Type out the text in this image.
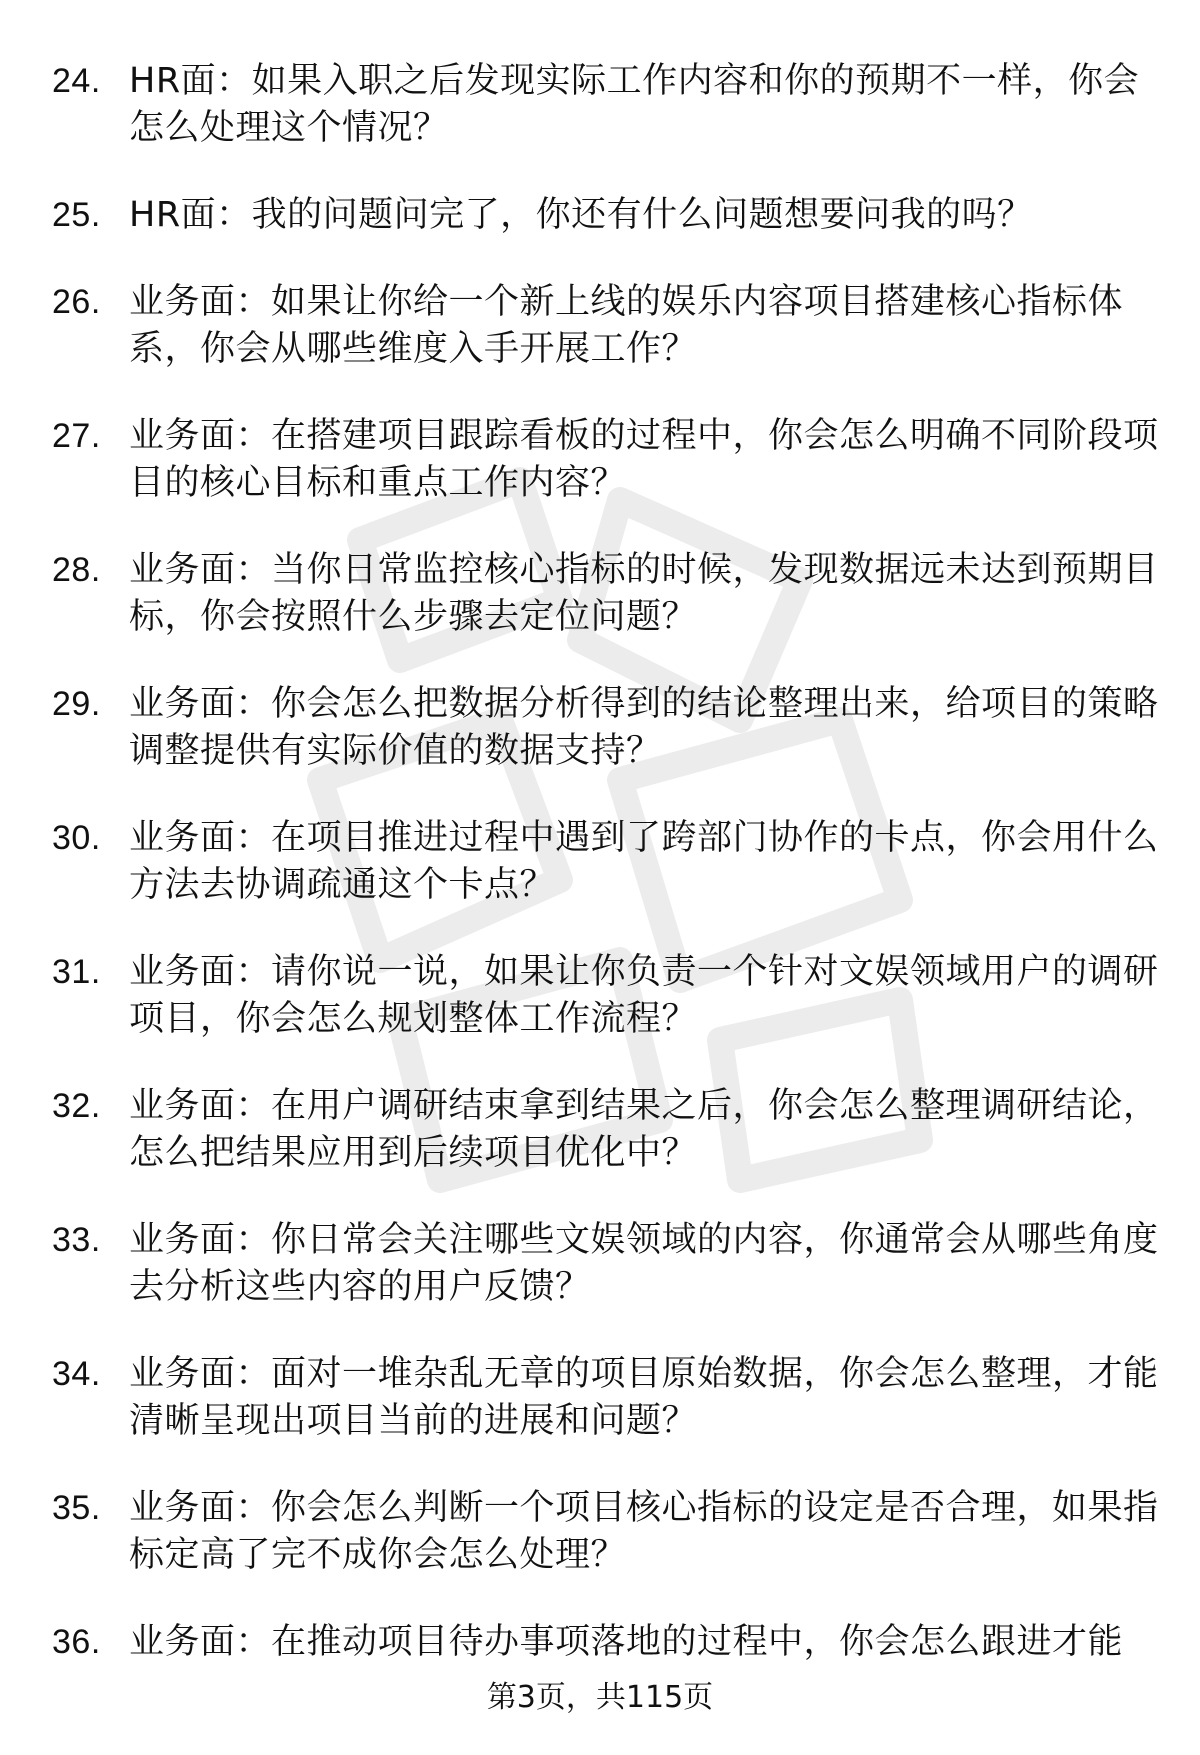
24. HR面：如果入职之后发现实际工作内容和你的预期不一样，你会怎么处理这个情况？
25. HR面：我的问题问完了，你还有什么问题想要问我的吗？
26. 业务面：如果让你给一个新上线的娱乐内容项目搭建核心指标体系，你会从哪些维度入手开展工作？
27. 业务面：在搭建项目跟踪看板的过程中，你会怎么明确不同阶段项目的核心目标和重点工作内容？
28. 业务面：当你日常监控核心指标的时候，发现数据远未达到预期目标，你会按照什么步骤去定位问题？
29. 业务面：你会怎么把数据分析得到的结论整理出来，给项目的策略调整提供有实际价值的数据支持？
30. 业务面：在项目推进过程中遇到了跨部门协作的卡点，你会用什么方法去协调疏通这个卡点？
31. 业务面：请你说一说，如果让你负责一个针对文娱领域用户的调研项目，你会怎么规划整体工作流程？
32. 业务面：在用户调研结束拿到结果之后，你会怎么整理调研结论，怎么把结果应用到后续项目优化中？
33. 业务面：你日常会关注哪些文娱领域的内容，你通常会从哪些角度去分析这些内容的用户反馈？
34. 业务面：面对一堆杂乱无章的项目原始数据，你会怎么整理，才能清晰呈现出项目当前的进展和问题？
35. 业务面：你会怎么判断一个项目核心指标的设定是否合理，如果指标定高了完不成你会怎么处理？
36. 业务面：在推动项目待办事项落地的过程中，你会怎么跟进才能
第3页，共115页
